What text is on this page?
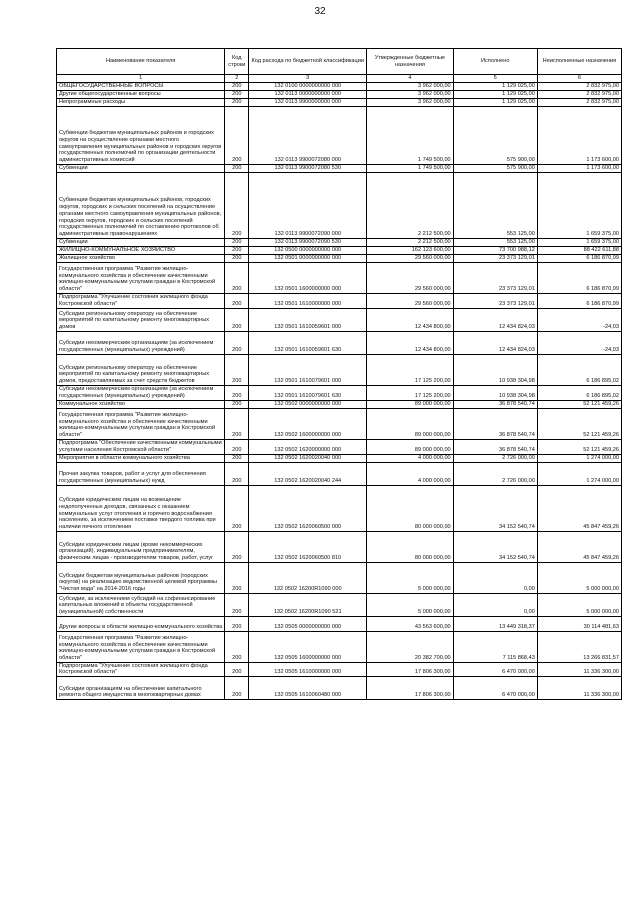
32
Наименование показателя	Код строки	Код расхода по бюджетной классификации	Утвержденные бюджетные назначения	Исполнено	Неисполненные назначения
1	2	3	4	5	6
ОБЩЕГОСУДАРСТВЕННЫЕ ВОПРОСЫ	200	132 0100 0000000000 000	3 962 000,00	1 129 025,00	2 832 975,00
Другие общегосударственные вопросы	200	132 0113 0000000000 000	3 962 000,00	1 129 025,00	2 832 975,00
Непрограммные расходы	200	132 0113 9900000000 000	3 962 000,00	1 129 025,00	2 832 975,00
Субвенции бюджетам муниципальных районов и городских округов на осуществление органами местного самоуправления муниципальных районов и городских округов государственных полномочий по организации деятельности административных комиссий	200	132 0113 9900072080 000	1 749 500,00	575 900,00	1 173 600,00
Субвенции	200	132 0113 9900072080 530	1 749 500,00	575 900,00	1 173 600,00
Субвенции бюджетам муниципальных районов, городских округов, городских и сельских поселений на осуществление органами местного самоуправления муниципальных районов, городских округов, городских и сельских поселений государственных полномочий по составлению протоколов об административных правонарушениях	200	132 0113 9900072090 000	2 212 500,00	553 125,00	1 659 375,00
Субвенции	200	132 0113 9900072090 530	2 212 500,00	553 125,00	1 659 375,00
ЖИЛИЩНО-КОММУНАЛЬНОЕ ХОЗЯЙСТВО	200	132 0500 0000000000 000	162 123 600,00	73 700 988,12	88 422 611,88
Жилищное хозяйство	200	132 0501 0000000000 000	29 560 000,00	23 373 129,01	6 186 870,99
Государственная программа "Развитие жилищно-коммунального хозяйства и обеспечение качественными жилищно-коммунальными услугами граждан в Костромской области"	200	132 0501 1600000000 000	29 560 000,00	23 373 129,01	6 186 870,99
Подпрограмма "Улучшение состояния жилищного фонда Костромской области"	200	132 0501 1610000000 000	29 560 000,00	23 373 129,01	6 186 870,99
Субсидии региональному оператору на обеспечение мероприятий по капитальному ремонту многоквартирных домов	200	132 0501 1610059601 000	12 434 800,00	12 434 824,03	-24,03
Субсидии некоммерческим организациям (за исключением государственных (муниципальных) учреждений)	200	132 0501 1610059601 630	12 434 800,00	12 434 824,03	-24,03
Субсидии региональному оператору на обеспечение мероприятий по капитальному ремонту многоквартирных домов, предоставляемых за счет средств бюджетов	200	132 0501 1610079601 000	17 125 200,00	10 938 304,98	6 186 895,02
Субсидии некоммерческим организациям (за исключением государственных (муниципальных) учреждений)	200	132 0501 1610079601 630	17 125 200,00	10 938 304,98	6 186 895,02
Коммунальное хозяйство	200	132 0502 0000000000 000	89 000 000,00	36 878 540,74	52 121 459,26
Государственная программа "Развитие жилищно-коммунального хозяйства и обеспечение качественными жилищно-коммунальными услугами граждан в Костромской области"	200	132 0502 1600000000 000	89 000 000,00	36 878 540,74	52 121 459,26
Подпрограмма "Обеспечение качественными коммунальными услугами населения Костромской области"	200	132 0502 1620000000 000	89 000 000,00	36 878 540,74	52 121 459,26
Мероприятия в области коммунального хозяйства	200	132 0502 1620020040 000	4 000 000,00	2 726 000,00	1 274 000,00
Прочая закупка товаров, работ и услуг для обеспечения государственных (муниципальных) нужд	200	132 0502 1620020040 244	4 000 000,00	2 726 000,00	1 274 000,00
Субсидии юридическим лицам на возмещение недополученных доходов, связанных с оказанием коммунальных услуг отопления и горячего водоснабжения населению, за исключением поставки твердого топлива при наличии печного отопления	200	132 0502 1620060500 000	80 000 000,00	34 152 540,74	45 847 459,26
Субсидии юридическим лицам (кроме некоммерческих организаций), индивидуальным предпринимателям, физическим лицам - производителям товаров, работ, услуг	200	132 0502 1620060500 810	80 000 000,00	34 152 540,74	45 847 459,26
Субсидии бюджетам муниципальных районов (городских округов) на реализацию ведомственной целевой программы "Чистая вода" на 2014-2016 годы	200	132 0502 16200R1090 000	5 000 000,00	0,00	5 000 000,00
Субсидии, за исключением субсидий на софинансирование капитальных вложений в объекты государственной (муниципальной) собственности	200	132 0502 16200R1090 521	5 000 000,00	0,00	5 000 000,00
Другие вопросы в области жилищно-коммунального хозяйства	200	132 0505 0000000000 000	43 563 600,00	13 449 318,37	30 114 481,63
Государственная программа "Развитие жилищно-коммунального хозяйства и обеспечение качественными жилищно-коммунальными услугами граждан в Костромской области"	200	132 0505 1600000000 000	20 382 700,00	7 115 868,43	13 266 831,57
Подпрограмма "Улучшение состояния жилищного фонда Костромской области"	200	132 0505 1610000000 000	17 806 300,00	6 470 000,00	11 336 300,00
Субсидии организациям на обеспечение капитального ремонта общего имущества в многоквартирных домах	200	132 0505 1610060480 000	17 806 300,00	6 470 000,00	11 336 300,00
